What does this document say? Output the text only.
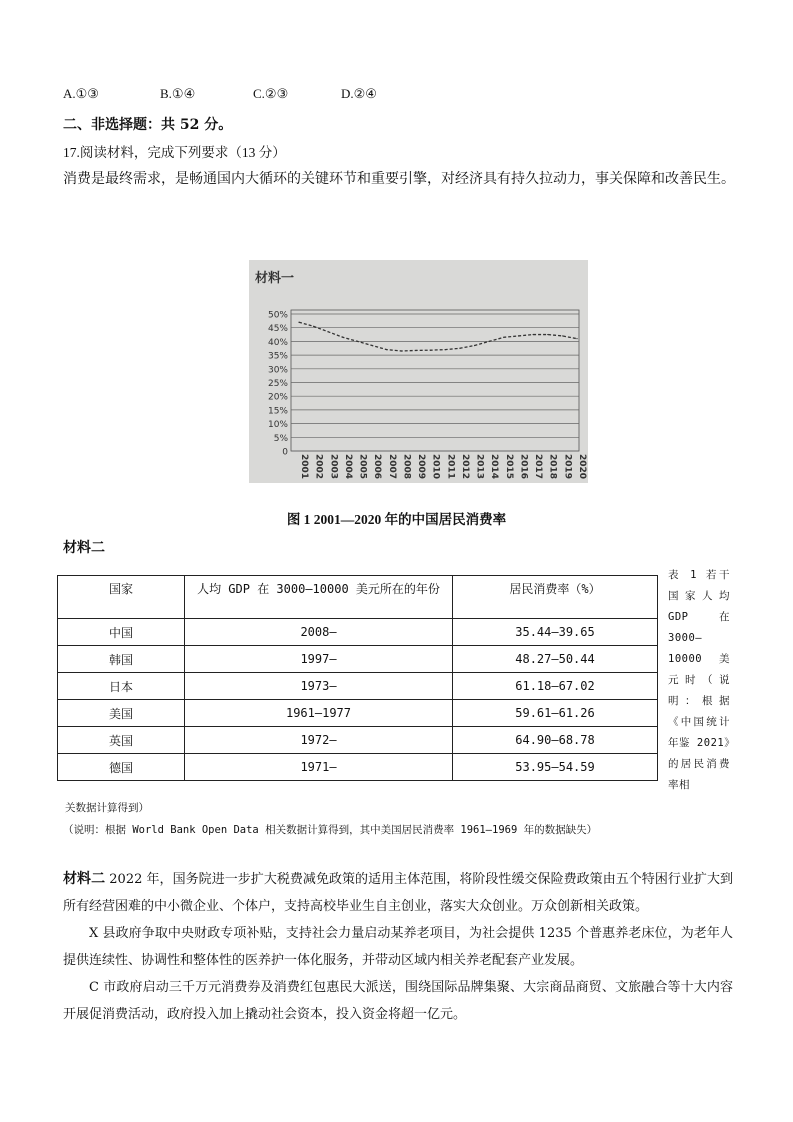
A.①③	B.①④	C.②③	D.②④
二、非选择题：共 52 分。
17.阅读材料，完成下列要求（13 分）
消费是最终需求，是畅通国内大循环的关键环节和重要引擎，对经济具有持久拉动力，事关保障和改善民生。
材料一
50%
45%
40%
35%
30%
25%
20%
15%
10%
5%
0
2001 2002 2003 2004 2005 2006 2007 2008 2009 2010 2011 2012 2013 2014 2015 2016 2017 2018 2019 2020
图 1 2001—2020 年的中国居民消费率
材料二
国家	人均 GDP 在 3000—10000 美元所在的年份	居民消费率（%）
中国	2008—	35.44—39.65
韩国	1997—	48.27—50.44
日本	1973—	61.18—67.02
美国	1961—1977	59.61—61.26
英国	1972—	64.90—68.78
德国	1971—	53.95—54.59
表 1 若干国家人均 GDP 在 3000—10000 美元时（说明：根据《中国统计年鉴 2021》的居民消费率相
关数据计算得到）
（说明：根据 World Bank Open Data 相关数据计算得到，其中美国居民消费率 1961—1969 年的数据缺失）

材料二 2022 年，国务院进一步扩大税费减免政策的适用主体范围，将阶段性缓交保险费政策由五个特困行业扩大到所有经营困难的中小微企业、个体户，支持高校毕业生自主创业，落实大众创业。万众创新相关政策。

X 县政府争取中央财政专项补贴，支持社会力量启动某养老项目，为社会提供 1235 个普惠养老床位，为老年人提供连续性、协调性和整体性的医养护一体化服务，并带动区域内相关养老配套产业发展。

C 市政府启动三千万元消费券及消费红包惠民大派送，围绕国际品牌集聚、大宗商品商贸、文旅融合等十大内容开展促消费活动，政府投入加上撬动社会资本，投入资金将超一亿元。
